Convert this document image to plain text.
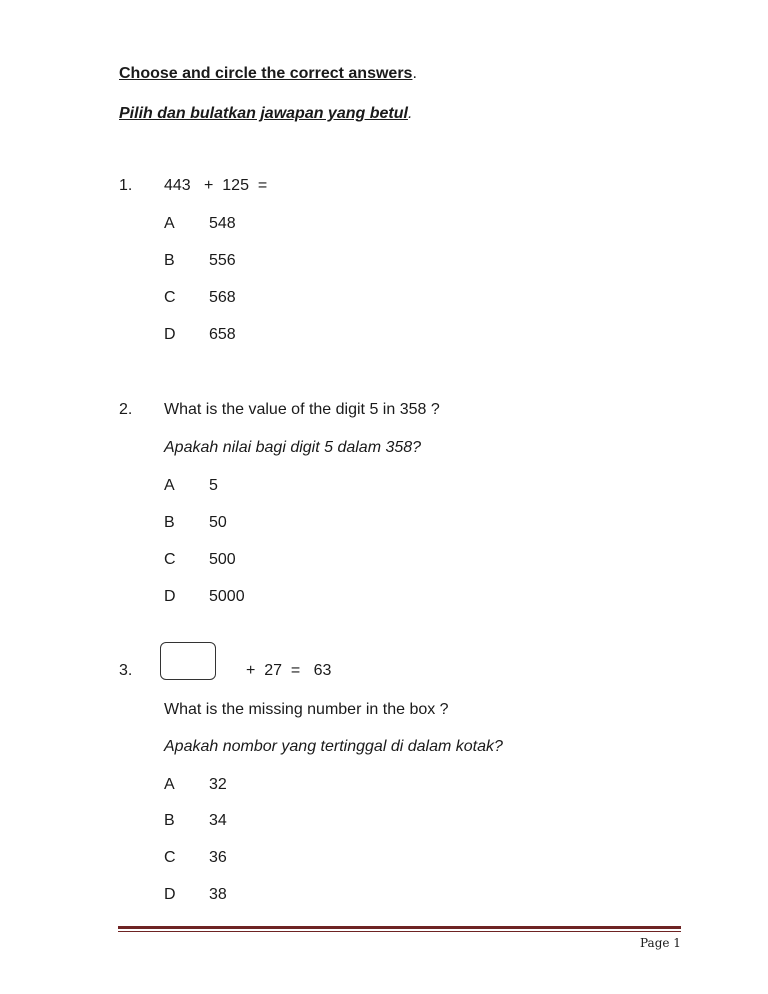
Choose and circle the correct answers.
Pilih dan bulatkan jawapan yang betul.
1. 443   +  125  =
A 548
B 556
C 568
D 658
2. What is the value of the digit 5 in 358 ?
Apakah nilai bagi digit 5 dalam 358?
A 5
B 50
C 500
D 5000
3.	+  27  =   63
What is the missing number in the box ?
Apakah nombor yang tertinggal di dalam kotak?
A 32
B 34
C 36
D 38
Page 1
